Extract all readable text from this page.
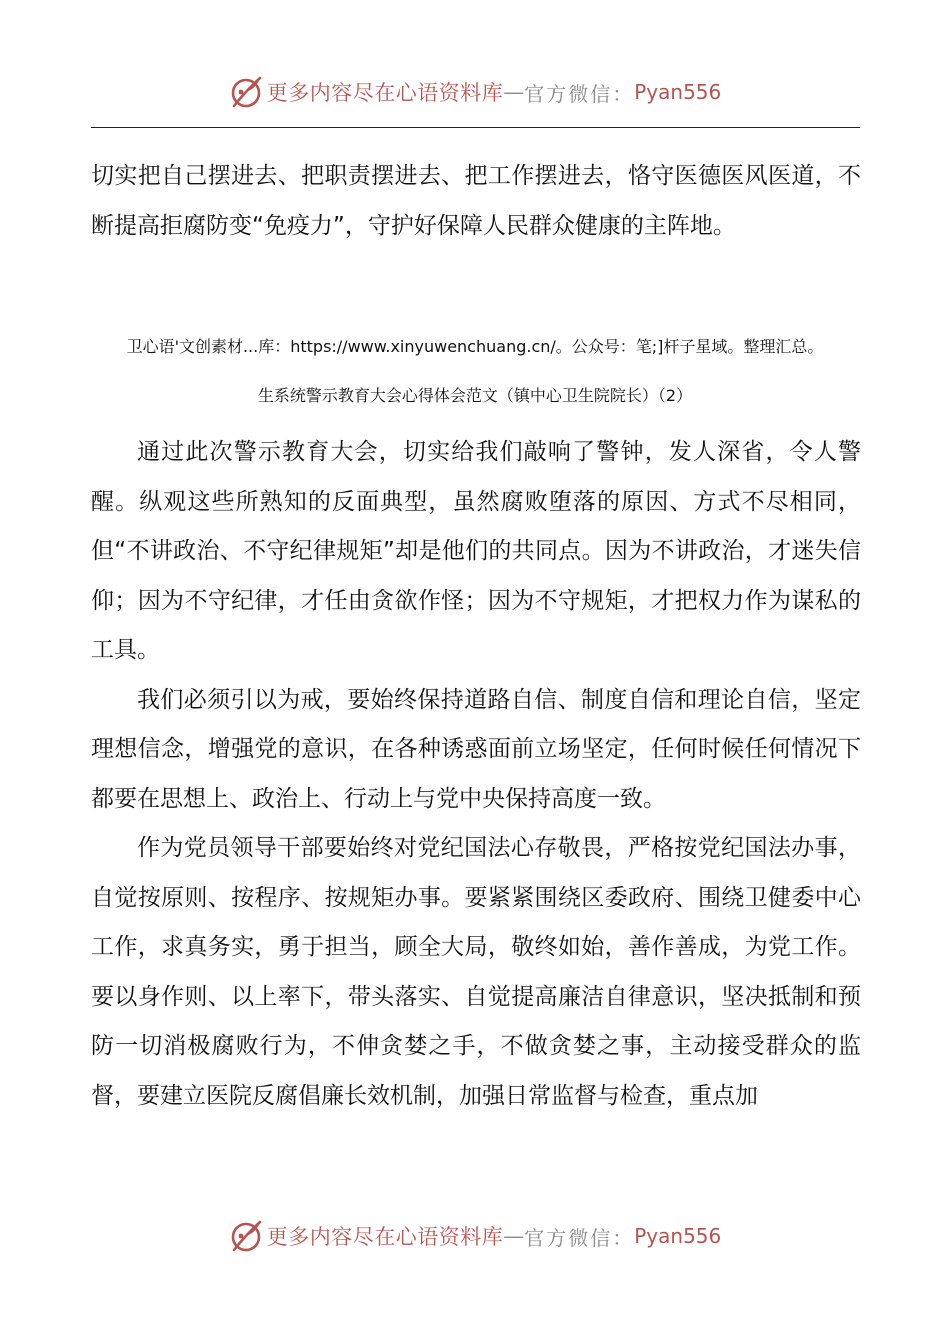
更多内容尽在心语资料库 — 官方微信： Pyan556

切实把自己摆进去、把职责摆进去、把工作摆进去，恪守医德医风医道，不断提高拒腐防变“免疫力”，守护好保障人民群众健康的主阵地。

卫心语'文创素材...库：https://www.xinyuwenchuang.cn/。公众号：笔;]杆子星域。整理汇总。
生系统警示教育大会心得体会范文（镇中心卫生院院长）（2）

通过此次警示教育大会，切实给我们敲响了警钟，发人深省，令人警醒。纵观这些所熟知的反面典型，虽然腐败堕落的原因、方式不尽相同，但“不讲政治、不守纪律规矩”却是他们的共同点。因为不讲政治，才迷失信仰；因为不守纪律，才任由贪欲作怪；因为不守规矩，才把权力作为谋私的工具。

我们必须引以为戒，要始终保持道路自信、制度自信和理论自信，坚定理想信念，增强党的意识，在各种诱惑面前立场坚定，任何时候任何情况下都要在思想上、政治上、行动上与党中央保持高度一致。

作为党员领导干部要始终对党纪国法心存敬畏，严格按党纪国法办事，自觉按原则、按程序、按规矩办事。要紧紧围绕区委政府、围绕卫健委中心工作，求真务实，勇于担当，顾全大局，敬终如始，善作善成，为党工作。要以身作则、以上率下，带头落实、自觉提高廉洁自律意识，坚决抵制和预防一切消极腐败行为，不伸贪婪之手，不做贪婪之事，主动接受群众的监督，要建立医院反腐倡廉长效机制，加强日常监督与检查，重点加

更多内容尽在心语资料库 — 官方微信： Pyan556
